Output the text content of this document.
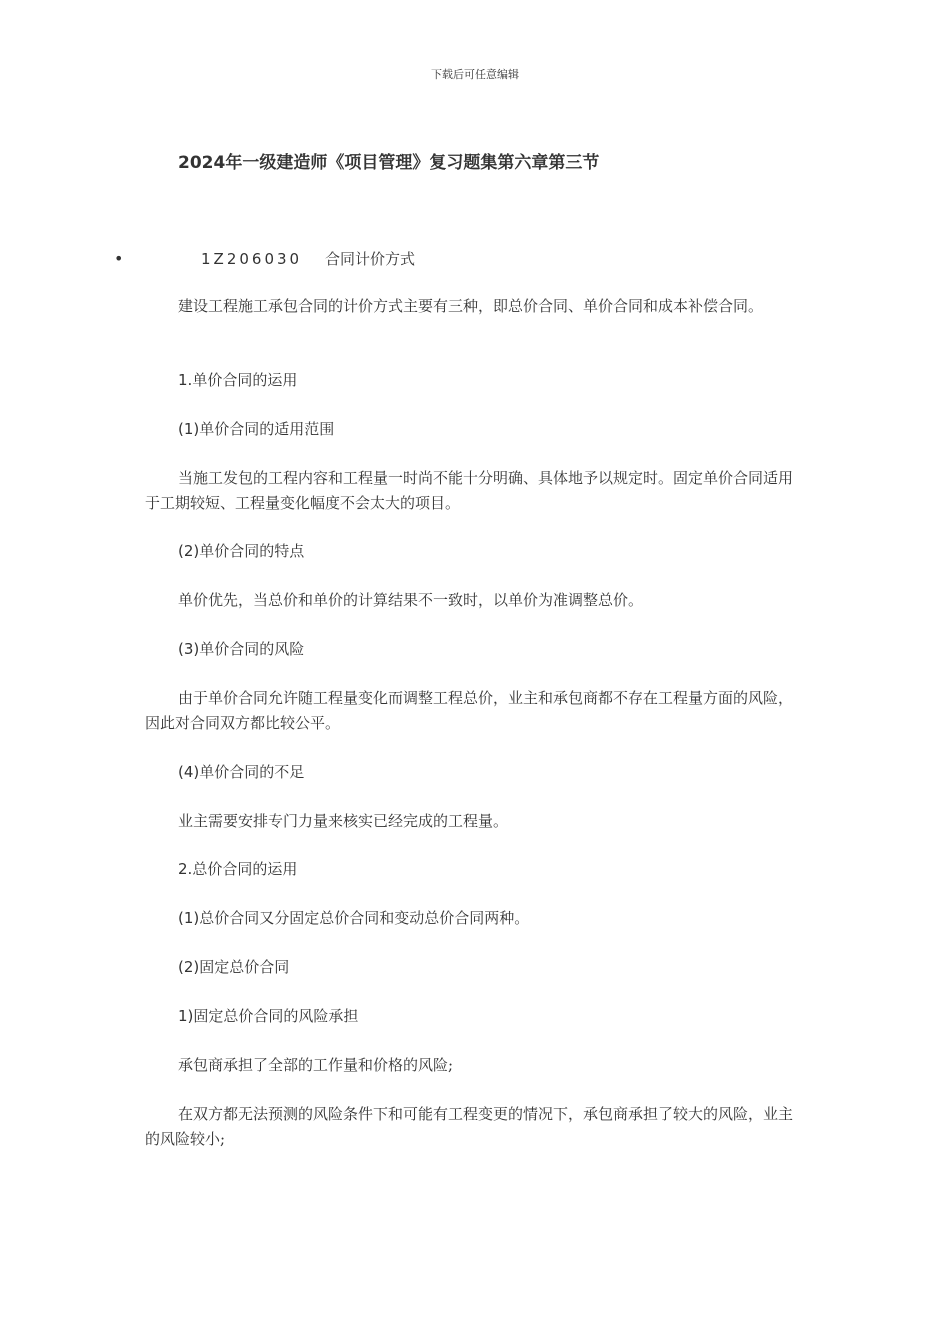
下载后可任意编辑
2024年一级建造师《项目管理》复习题集第六章第三节
•	1Z206030 合同计价方式

建设工程施工承包合同的计价方式主要有三种，即总价合同、单价合同和成本补偿合同。

1.单价合同的运用

(1)单价合同的适用范围

当施工发包的工程内容和工程量一时尚不能十分明确、具体地予以规定时。固定单价合同适用于工期较短、工程量变化幅度不会太大的项目。

(2)单价合同的特点

单价优先，当总价和单价的计算结果不一致时，以单价为准调整总价。

(3)单价合同的风险

由于单价合同允许随工程量变化而调整工程总价，业主和承包商都不存在工程量方面的风险，因此对合同双方都比较公平。

(4)单价合同的不足

业主需要安排专门力量来核实已经完成的工程量。

2.总价合同的运用

(1)总价合同又分固定总价合同和变动总价合同两种。

(2)固定总价合同

1)固定总价合同的风险承担

承包商承担了全部的工作量和价格的风险;

在双方都无法预测的风险条件下和可能有工程变更的情况下，承包商承担了较大的风险，业主的风险较小;
